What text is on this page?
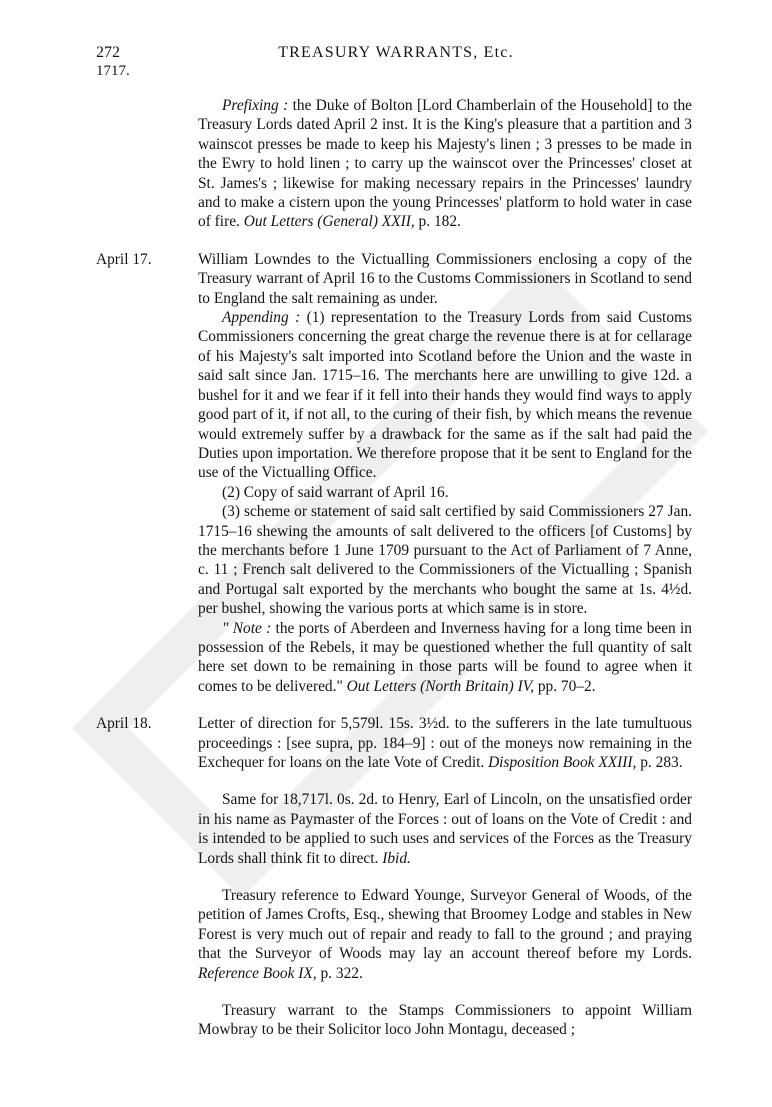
272	TREASURY WARRANTS, Etc.
1717.

Prefixing : the Duke of Bolton [Lord Chamberlain of the Household] to the Treasury Lords dated April 2 inst. It is the King's pleasure that a partition and 3 wainscot presses be made to keep his Majesty's linen ; 3 presses to be made in the Ewry to hold linen ; to carry up the wainscot over the Princesses' closet at St. James's ; likewise for making necessary repairs in the Princesses' laundry and to make a cistern upon the young Princesses' platform to hold water in case of fire. Out Letters (General) XXII, p. 182.

April 17.	William Lowndes to the Victualling Commissioners enclosing a copy of the Treasury warrant of April 16 to the Customs Commissioners in Scotland to send to England the salt remaining as under.

Appending : (1) representation to the Treasury Lords from said Customs Commissioners concerning the great charge the revenue there is at for cellarage of his Majesty's salt imported into Scotland before the Union and the waste in said salt since Jan. 1715–16. The merchants here are unwilling to give 12d. a bushel for it and we fear if it fell into their hands they would find ways to apply good part of it, if not all, to the curing of their fish, by which means the revenue would extremely suffer by a drawback for the same as if the salt had paid the Duties upon importation. We therefore propose that it be sent to England for the use of the Victualling Office.

(2) Copy of said warrant of April 16.

(3) scheme or statement of said salt certified by said Commissioners 27 Jan. 1715–16 shewing the amounts of salt delivered to the officers [of Customs] by the merchants before 1 June 1709 pursuant to the Act of Parliament of 7 Anne, c. 11 ; French salt delivered to the Commissioners of the Victualling ; Spanish and Portugal salt exported by the merchants who bought the same at 1s. 4½d. per bushel, showing the various ports at which same is in store.

" Note : the ports of Aberdeen and Inverness having for a long time been in possession of the Rebels, it may be questioned whether the full quantity of salt here set down to be remaining in those parts will be found to agree when it comes to be delivered." Out Letters (North Britain) IV, pp. 70–2.

April 18.	Letter of direction for 5,579l. 15s. 3½d. to the sufferers in the late tumultuous proceedings : [see supra, pp. 184–9] : out of the moneys now remaining in the Exchequer for loans on the late Vote of Credit. Disposition Book XXIII, p. 283.

Same for 18,717l. 0s. 2d. to Henry, Earl of Lincoln, on the unsatisfied order in his name as Paymaster of the Forces : out of loans on the Vote of Credit : and is intended to be applied to such uses and services of the Forces as the Treasury Lords shall think fit to direct. Ibid.

Treasury reference to Edward Younge, Surveyor General of Woods, of the petition of James Crofts, Esq., shewing that Broomey Lodge and stables in New Forest is very much out of repair and ready to fall to the ground ; and praying that the Surveyor of Woods may lay an account thereof before my Lords. Reference Book IX, p. 322.

Treasury warrant to the Stamps Commissioners to appoint William Mowbray to be their Solicitor loco John Montagu, deceased ;
